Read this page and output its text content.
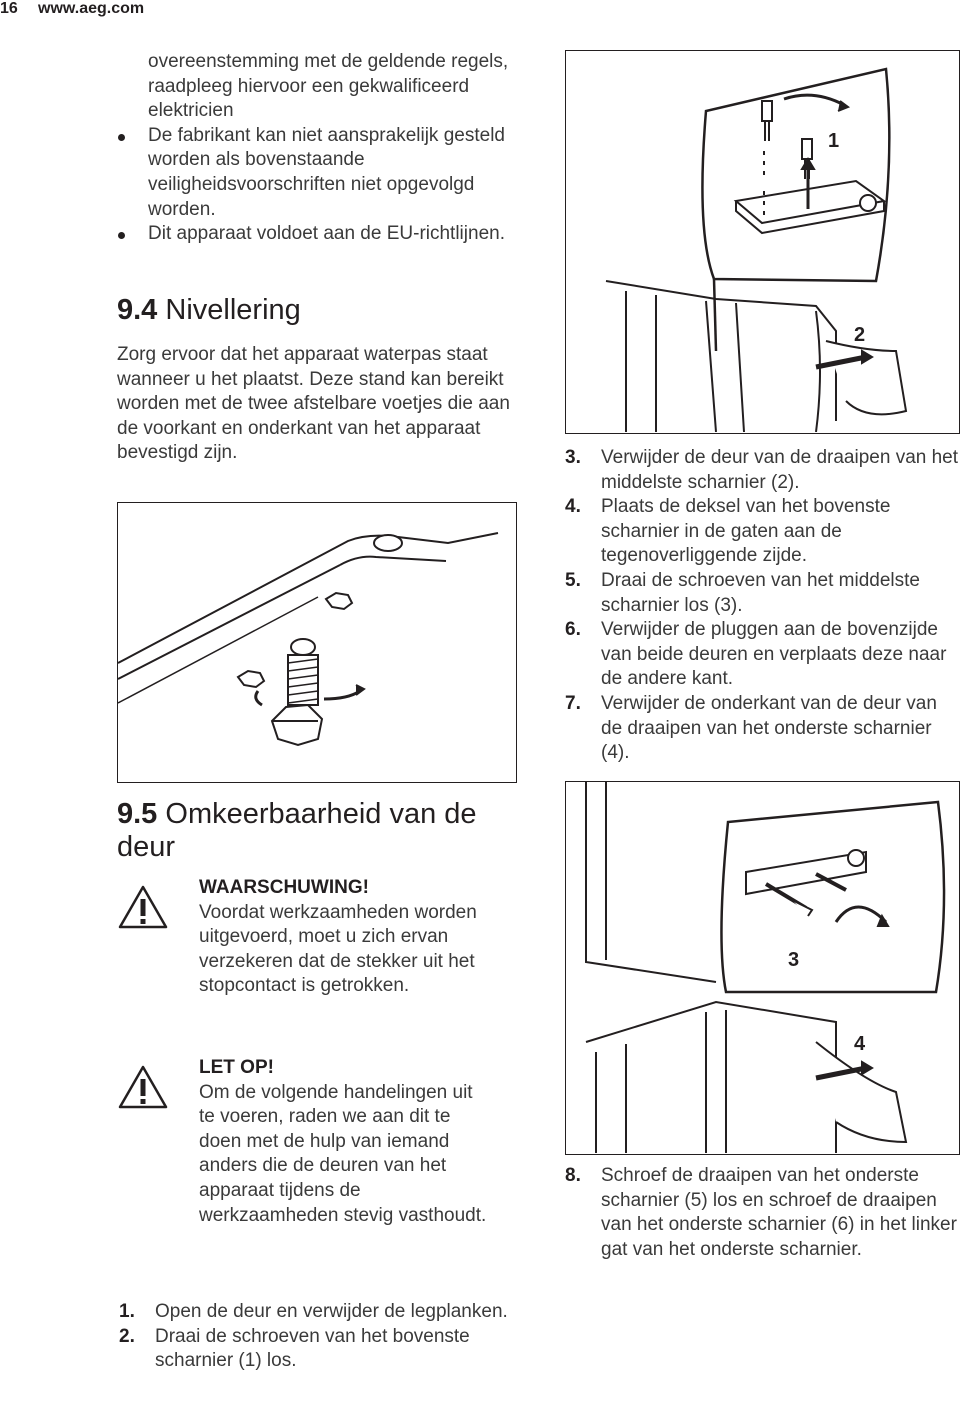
16 www.aeg.com

overeenstemming met de geldende regels, raadpleeg hiervoor een gekwalificeerd elektricien

De fabrikant kan niet aansprakelijk gesteld worden als bovenstaande veiligheidsvoorschriften niet opgevolgd worden.
Dit apparaat voldoet aan de EU-richtlijnen.
9.4 Nivellering

Zorg ervoor dat het apparaat waterpas staat wanneer u het plaatst. Deze stand kan bereikt worden met de twee afstelbare voetjes die aan de voorkant en onderkant van het apparaat bevestigd zijn.

9.5 Omkeerbaarheid van de
deur
WAARSCHUWING!

Voordat werkzaamheden worden uitgevoerd, moet u zich ervan verzekeren dat de stekker uit het stopcontact is getrokken.

LET OP!

Om de volgende handelingen uit te voeren, raden we aan dit te doen met de hulp van iemand anders die de deuren van het apparaat tijdens de werkzaamheden stevig vasthoudt.

1. Open de deur en verwijder de legplanken.
2. Draai de schroeven van het bovenste scharnier (1) los.
1
2
3. Verwijder de deur van de draaipen van het middelste scharnier (2).
4. Plaats de deksel van het bovenste scharnier in de gaten aan de tegenoverliggende zijde.
5. Draai de schroeven van het middelste scharnier los (3).
6. Verwijder de pluggen aan de bovenzijde van beide deuren en verplaats deze naar de andere kant.
7. Verwijder de onderkant van de deur van de draaipen van het onderste scharnier (4).
3
4
8. Schroef de draaipen van het onderste scharnier (5) los en schroef de draaipen van het onderste scharnier (6) in het linker gat van het onderste scharnier.
